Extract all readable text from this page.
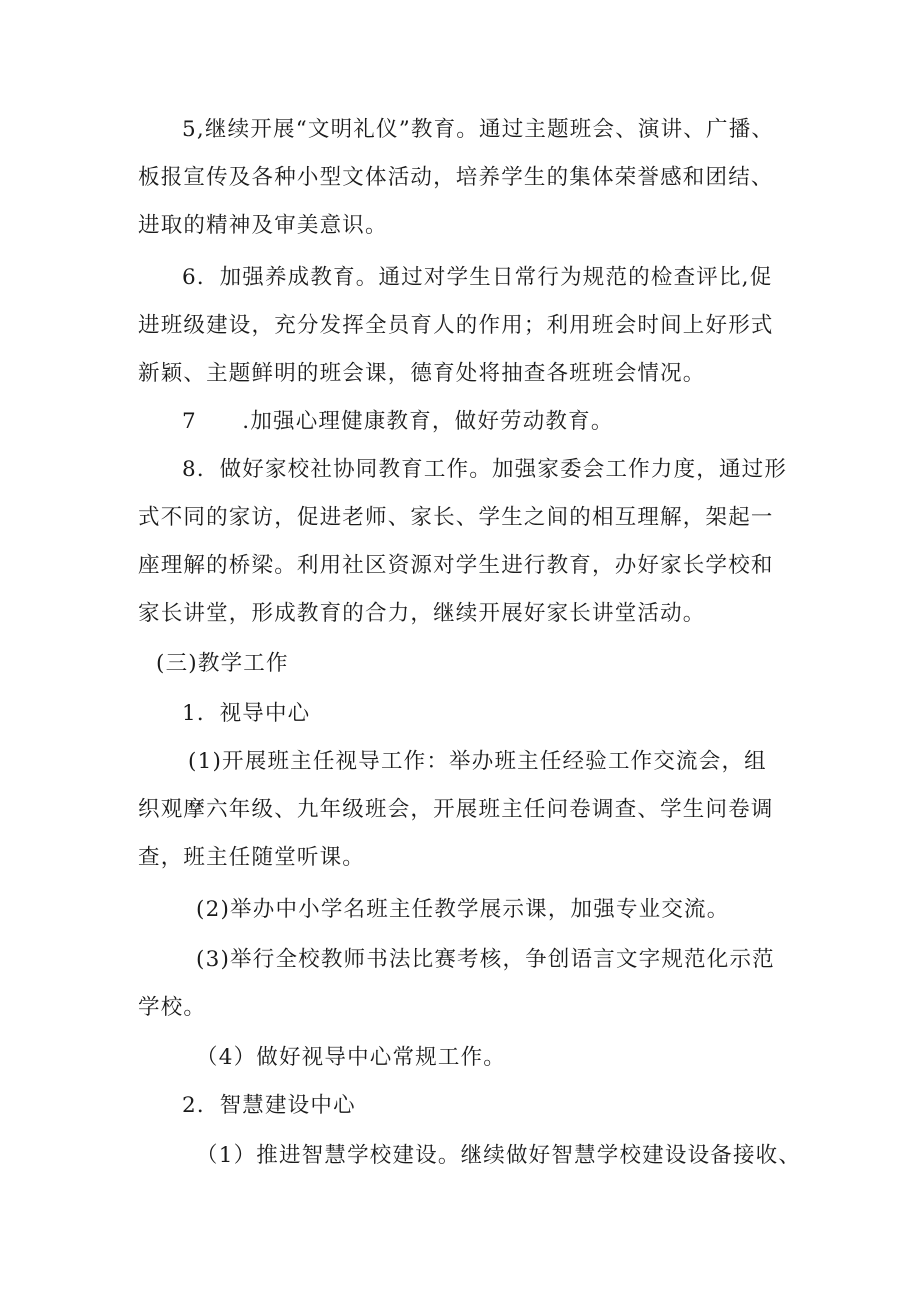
5,继续开展“文明礼仪”教育。通过主题班会、演讲、广播、
板报宣传及各种小型文体活动，培养学生的集体荣誉感和团结、
进取的精神及审美意识。

6．加强养成教育。通过对学生日常行为规范的检查评比,促
进班级建设，充分发挥全员育人的作用；利用班会时间上好形式
新颖、主题鲜明的班会课，德育处将抽查各班班会情况。

7　　.加强心理健康教育，做好劳动教育。

8．做好家校社协同教育工作。加强家委会工作力度，通过形
式不同的家访，促进老师、家长、学生之间的相互理解，架起一
座理解的桥梁。利用社区资源对学生进行教育，办好家长学校和
家长讲堂，形成教育的合力，继续开展好家长讲堂活动。

(三)教学工作

1．视导中心

(1)开展班主任视导工作：举办班主任经验工作交流会，组
织观摩六年级、九年级班会，开展班主任问卷调查、学生问卷调
查，班主任随堂听课。

(2)举办中小学名班主任教学展示课，加强专业交流。

(3)举行全校教师书法比赛考核，争创语言文字规范化示范
学校。

（4）做好视导中心常规工作。

2．智慧建设中心

（1）推进智慧学校建设。继续做好智慧学校建设设备接收、
